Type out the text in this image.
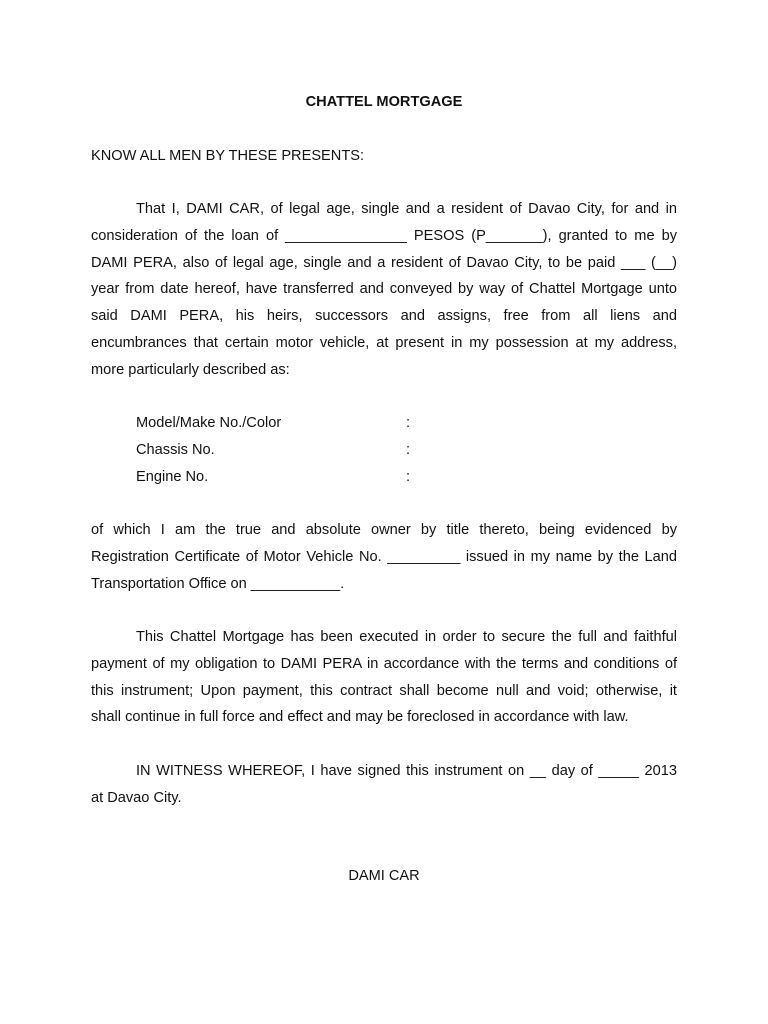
CHATTEL MORTGAGE
KNOW ALL MEN BY THESE PRESENTS:
That I, DAMI CAR, of legal age, single and a resident of Davao City, for and in
consideration of the loan of _______________ PESOS (P_______), granted to me by
DAMI PERA, also of legal age, single and a resident of Davao City, to be paid ___ (__)
year from date hereof, have transferred and conveyed by way of Chattel Mortgage unto
said DAMI PERA, his heirs, successors and assigns, free from all liens and
encumbrances that certain motor vehicle, at present in my possession at my address,
more particularly described as:
Model/Make No./Color	:
Chassis No.	:
Engine No.	:
of which I am the true and absolute owner by title thereto, being evidenced by
Registration Certificate of Motor Vehicle No. _________ issued in my name by the Land
Transportation Office on ___________.
This Chattel Mortgage has been executed in order to secure the full and faithful
payment of my obligation to DAMI PERA in accordance with the terms and conditions of
this instrument; Upon payment, this contract shall become null and void; otherwise, it
shall continue in full force and effect and may be foreclosed in accordance with law.
IN WITNESS WHEREOF, I have signed this instrument on __ day of _____ 2013
at Davao City.
DAMI CAR
